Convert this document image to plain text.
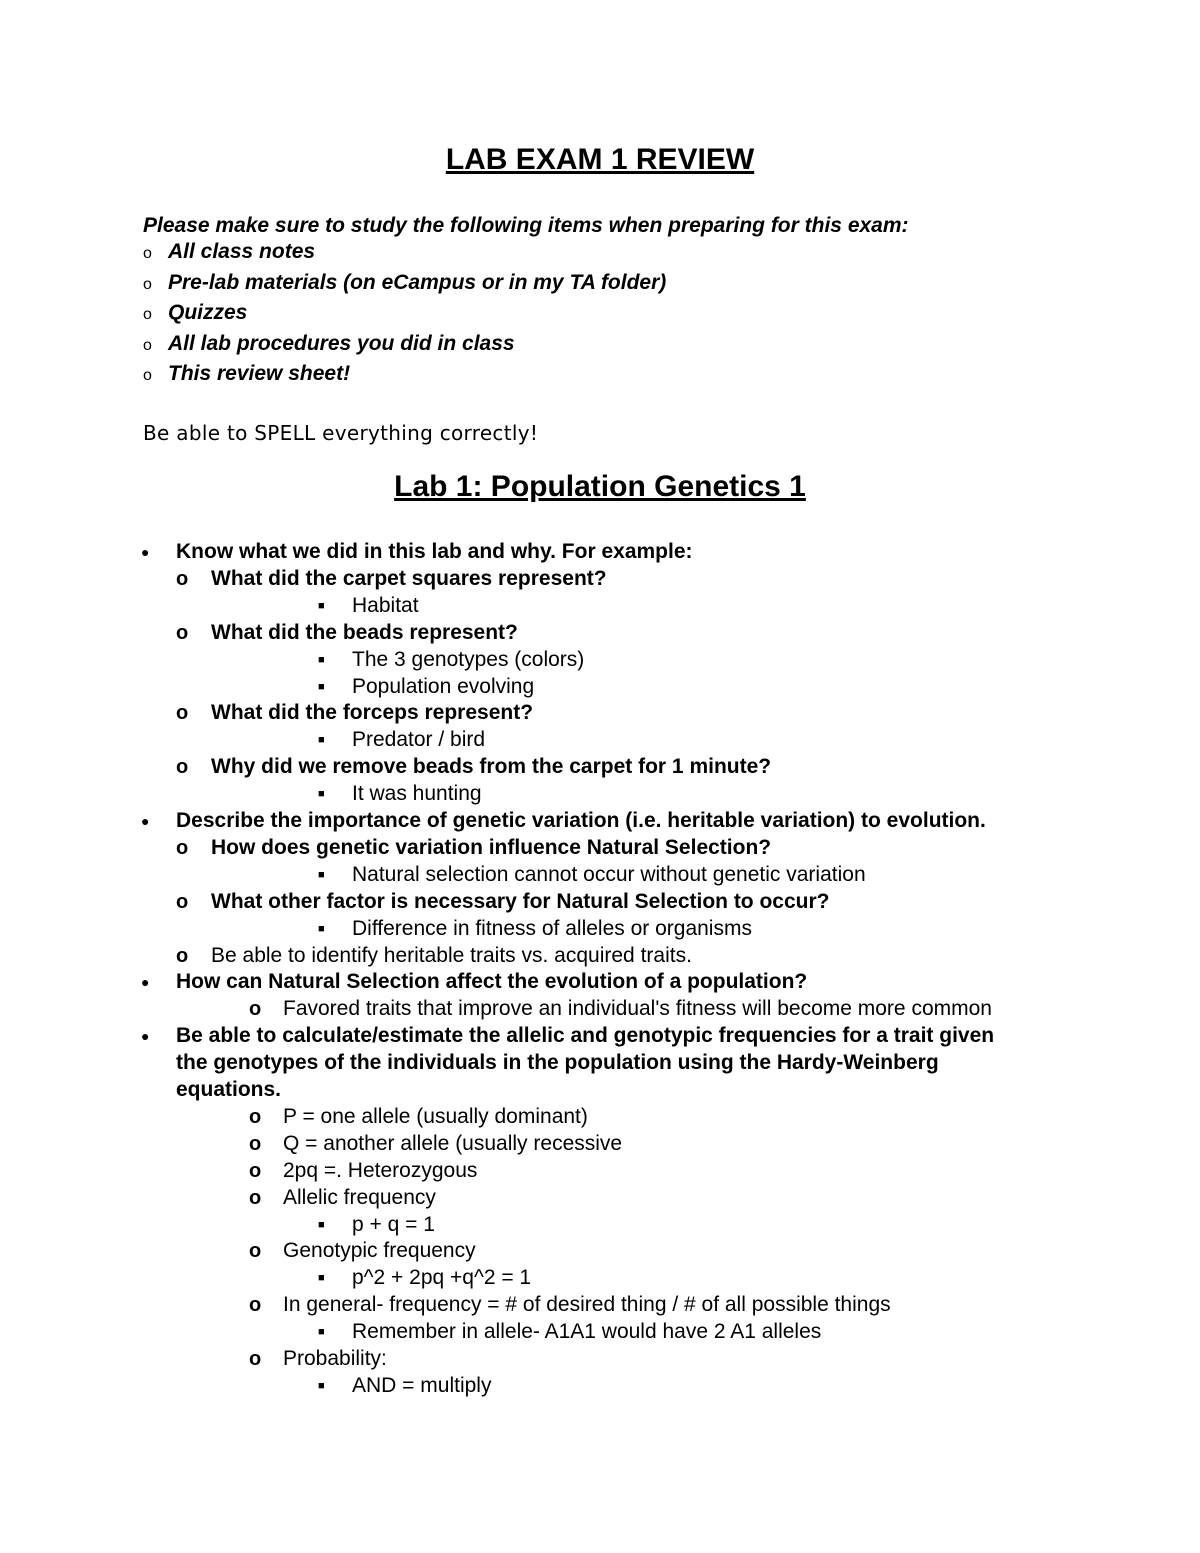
LAB EXAM 1 REVIEW

Please make sure to study the following items when preparing for this exam:

o All class notes
o Pre-lab materials (on eCampus or in my TA folder)
o Quizzes
o All lab procedures you did in class
o This review sheet!

Be able to SPELL everything correctly!

Lab 1: Population Genetics 1
● Know what we did in this lab and why. For example:
o What did the carpet squares represent?
■ Habitat
o What did the beads represent?
■ The 3 genotypes (colors)
■ Population evolving
o What did the forceps represent?
■ Predator / bird
o Why did we remove beads from the carpet for 1 minute?
■ It was hunting
● Describe the importance of genetic variation (i.e. heritable variation) to evolution.
o How does genetic variation influence Natural Selection?
■ Natural selection cannot occur without genetic variation
o What other factor is necessary for Natural Selection to occur?
■ Difference in fitness of alleles or organisms
o Be able to identify heritable traits vs. acquired traits.
● How can Natural Selection affect the evolution of a population?
o Favored traits that improve an individual's fitness will become more common
● Be able to calculate/estimate the allelic and genotypic frequencies for a trait given
the genotypes of the individuals in the population using the Hardy-Weinberg
equations.
o P = one allele (usually dominant)
o Q = another allele (usually recessive
o 2pq =. Heterozygous
o Allelic frequency
■ p + q = 1
o Genotypic frequency
■ p^2 + 2pq +q^2 = 1
o In general- frequency = # of desired thing / # of all possible things
■ Remember in allele- A1A1 would have 2 A1 alleles
o Probability:
■ AND = multiply
